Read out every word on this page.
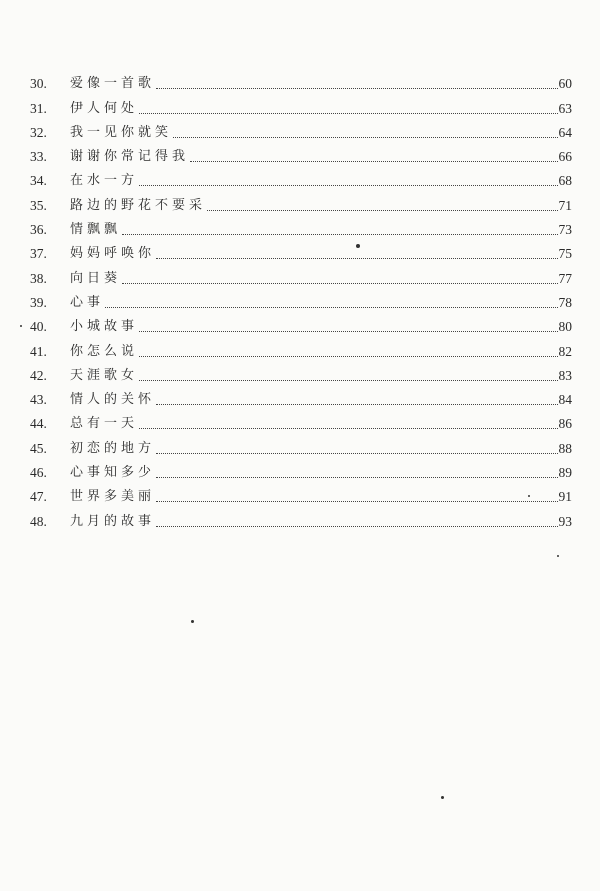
30.	爱像一首歌	60
31.	伊人何处	63
32.	我一见你就笑	64
33.	谢谢你常记得我	66
34.	在水一方	68
35.	路边的野花不要采	71
36.	情飘飘	73
37.	妈妈呼唤你	75
38.	向日葵	77
39.	心事	78
40.	小城故事	80
41.	你怎么说	82
42.	天涯歌女	83
43.	情人的关怀	84
44.	总有一天	86
45.	初恋的地方	88
46.	心事知多少	89
47.	世界多美丽	91
48.	九月的故事	93
